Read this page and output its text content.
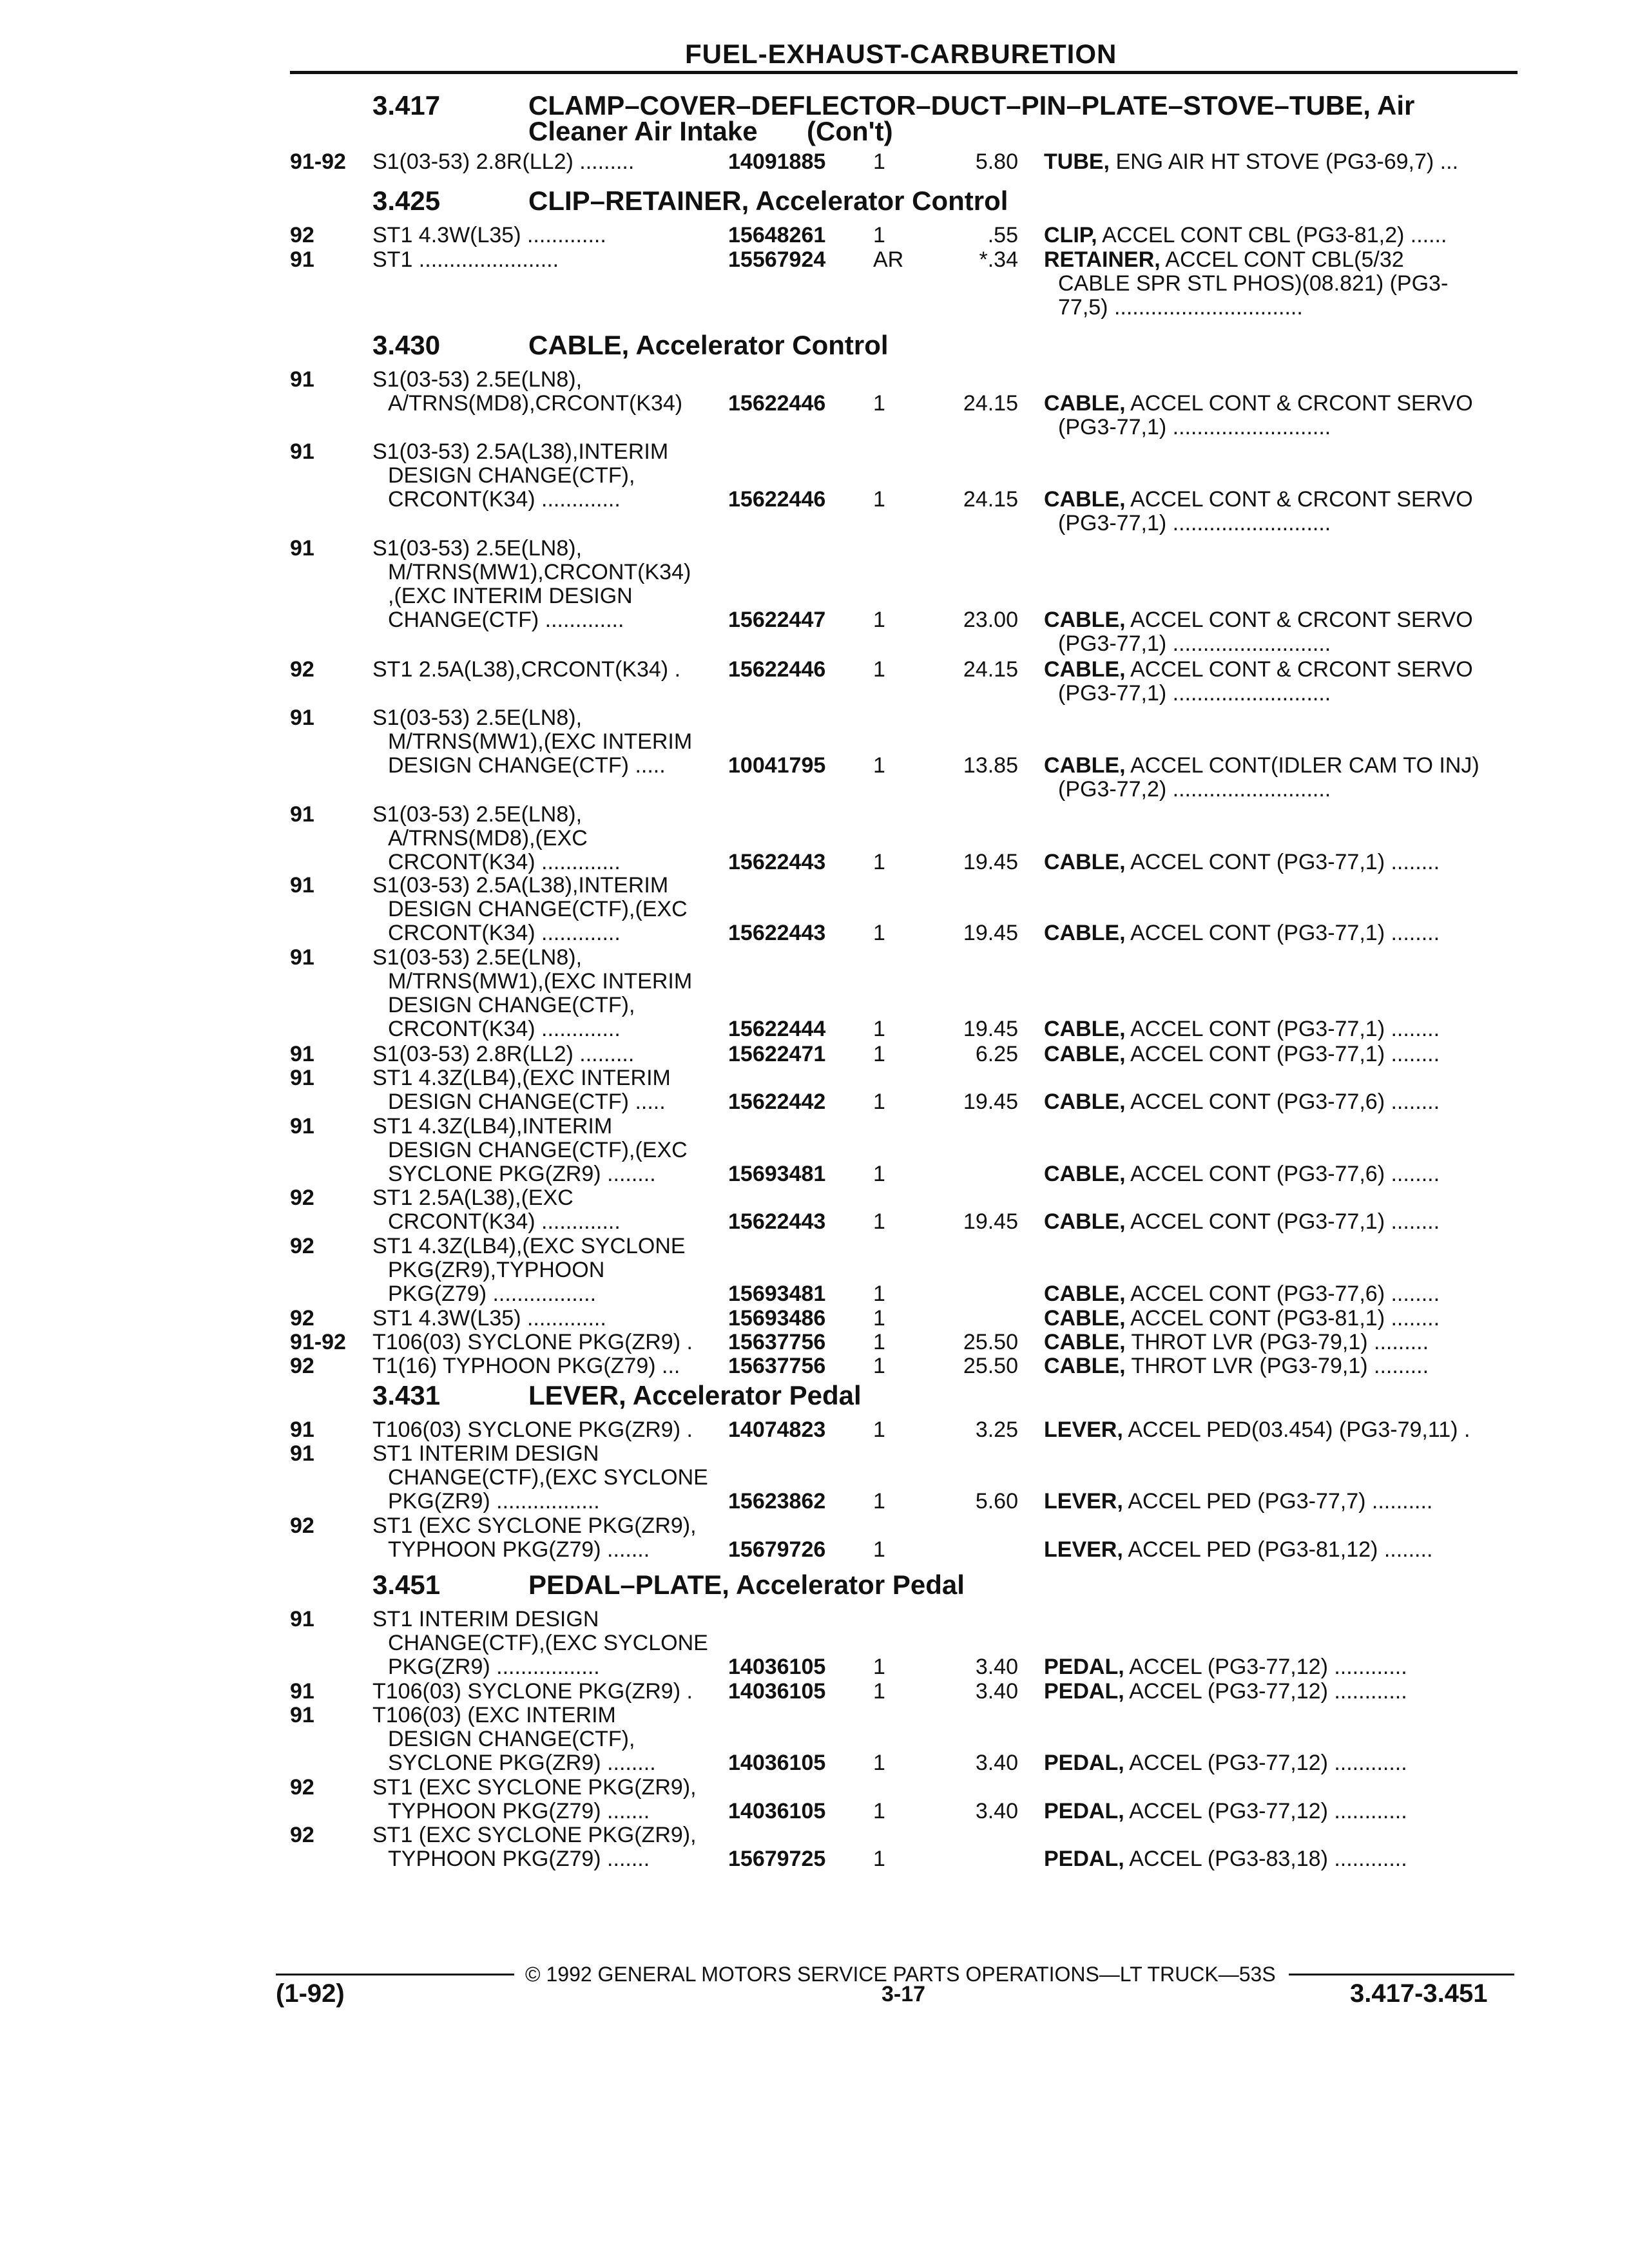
FUEL-EXHAUST-CARBURETION
3.417	CLAMP–COVER–DEFLECTOR–DUCT–PIN–PLATE–STOVE–TUBE, Air
Cleaner Air Intake (Con't)
91-92 S1(03-53) 2.8R(LL2) .........	14091885 1	5.80 TUBE, ENG AIR HT STOVE (PG3-69,7) ...
3.425	CLIP–RETAINER, Accelerator Control
92	ST1 4.3W(L35) .............	15648261 1	.55 CLIP, ACCEL CONT CBL (PG3-81,2) ......
91	ST1 .......................	15567924 AR	*.34 RETAINER, ACCEL CONT CBL(5/32
CABLE SPR STL PHOS)(08.821) (PG3-
77,5) ...............................
3.430	CABLE, Accelerator Control
91	S1(03-53) 2.5E(LN8),
A/TRNS(MD8),CRCONT(K34) 15622446 1	24.15 CABLE, ACCEL CONT & CRCONT SERVO
(PG3-77,1) ..........................
91	S1(03-53) 2.5A(L38),INTERIM
DESIGN CHANGE(CTF),
CRCONT(K34) .............	15622446 1	24.15 CABLE, ACCEL CONT & CRCONT SERVO
(PG3-77,1) ..........................
91	S1(03-53) 2.5E(LN8),
M/TRNS(MW1),CRCONT(K34)
,(EXC INTERIM DESIGN
CHANGE(CTF) .............	15622447 1	23.00 CABLE, ACCEL CONT & CRCONT SERVO
(PG3-77,1) ..........................
92	ST1 2.5A(L38),CRCONT(K34) . 15622446 1	24.15 CABLE, ACCEL CONT & CRCONT SERVO
(PG3-77,1) ..........................
91	S1(03-53) 2.5E(LN8),
M/TRNS(MW1),(EXC INTERIM
DESIGN CHANGE(CTF) .....	10041795 1	13.85 CABLE, ACCEL CONT(IDLER CAM TO INJ)
(PG3-77,2) ..........................
91	S1(03-53) 2.5E(LN8),
A/TRNS(MD8),(EXC
CRCONT(K34) .............	15622443 1	19.45 CABLE, ACCEL CONT (PG3-77,1) ........
91	S1(03-53) 2.5A(L38),INTERIM
DESIGN CHANGE(CTF),(EXC
CRCONT(K34) .............	15622443 1	19.45 CABLE, ACCEL CONT (PG3-77,1) ........
91	S1(03-53) 2.5E(LN8),
M/TRNS(MW1),(EXC INTERIM
DESIGN CHANGE(CTF),
CRCONT(K34) .............	15622444 1	19.45 CABLE, ACCEL CONT (PG3-77,1) ........
91	S1(03-53) 2.8R(LL2) .........	15622471 1	6.25 CABLE, ACCEL CONT (PG3-77,1) ........
91	ST1 4.3Z(LB4),(EXC INTERIM
DESIGN CHANGE(CTF) .....	15622442 1	19.45 CABLE, ACCEL CONT (PG3-77,6) ........
91	ST1 4.3Z(LB4),INTERIM
DESIGN CHANGE(CTF),(EXC
SYCLONE PKG(ZR9) ........	15693481 1	CABLE, ACCEL CONT (PG3-77,6) ........
92	ST1 2.5A(L38),(EXC
CRCONT(K34) .............	15622443 1	19.45 CABLE, ACCEL CONT (PG3-77,1) ........
92	ST1 4.3Z(LB4),(EXC SYCLONE
PKG(ZR9),TYPHOON
PKG(Z79) .................	15693481 1	CABLE, ACCEL CONT (PG3-77,6) ........
92	ST1 4.3W(L35) .............	15693486 1	CABLE, ACCEL CONT (PG3-81,1) ........
91-92 T106(03) SYCLONE PKG(ZR9) . 15637756 1	25.50 CABLE, THROT LVR (PG3-79,1) .........
92	T1(16) TYPHOON PKG(Z79) ... 15637756 1	25.50 CABLE, THROT LVR (PG3-79,1) .........
3.431	LEVER, Accelerator Pedal
91	T106(03) SYCLONE PKG(ZR9) . 14074823 1	3.25 LEVER, ACCEL PED(03.454) (PG3-79,11) .
91	ST1 INTERIM DESIGN
CHANGE(CTF),(EXC SYCLONE
PKG(ZR9) .................	15623862 1	5.60 LEVER, ACCEL PED (PG3-77,7) ..........
92	ST1 (EXC SYCLONE PKG(ZR9),
TYPHOON PKG(Z79) .......	15679726 1	LEVER, ACCEL PED (PG3-81,12) ........
3.451	PEDAL–PLATE, Accelerator Pedal
91	ST1 INTERIM DESIGN
CHANGE(CTF),(EXC SYCLONE
PKG(ZR9) .................	14036105 1	3.40 PEDAL, ACCEL (PG3-77,12) ............
91	T106(03) SYCLONE PKG(ZR9) . 14036105 1	3.40 PEDAL, ACCEL (PG3-77,12) ............
91	T106(03) (EXC INTERIM
DESIGN CHANGE(CTF),
SYCLONE PKG(ZR9) ........	14036105 1	3.40 PEDAL, ACCEL (PG3-77,12) ............
92	ST1 (EXC SYCLONE PKG(ZR9),
TYPHOON PKG(Z79) .......	14036105 1	3.40 PEDAL, ACCEL (PG3-77,12) ............
92	ST1 (EXC SYCLONE PKG(ZR9),
TYPHOON PKG(Z79) .......	15679725 1	PEDAL, ACCEL (PG3-83,18) ............
© 1992 GENERAL MOTORS SERVICE PARTS OPERATIONS—LT TRUCK—53S
(1-92)	3-17	3.417-3.451
